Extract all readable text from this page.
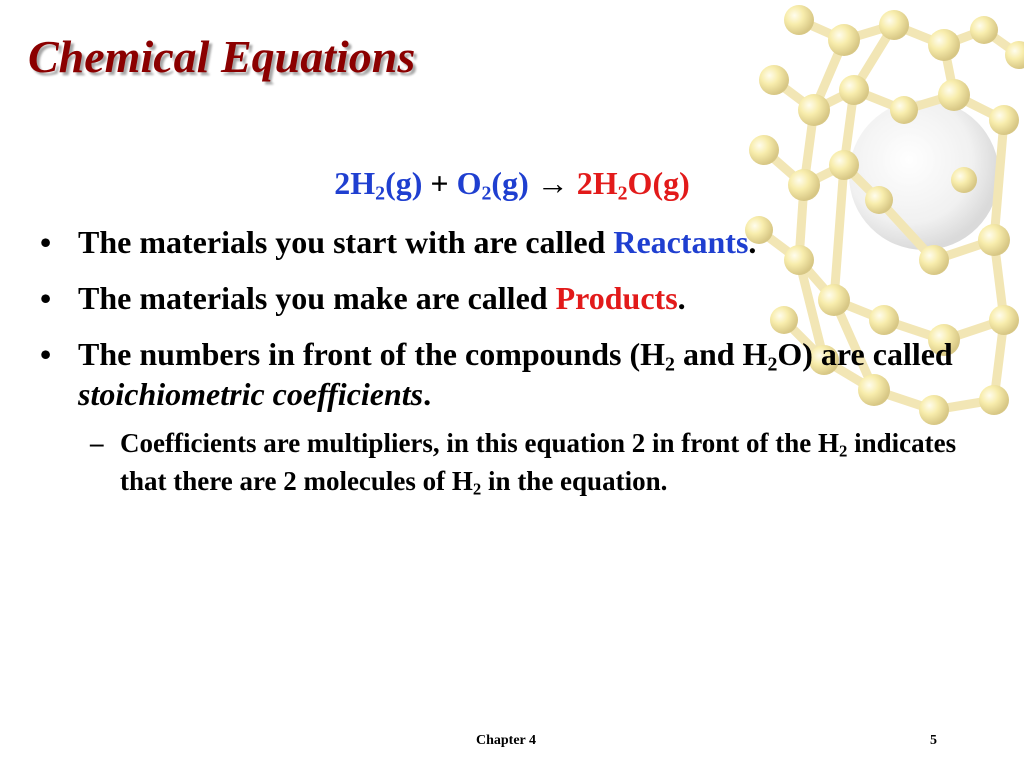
Chemical Equations
$2H_2(g) + O_2(g) \to 2H_2O(g)$
• The materials you start with are called Reactants.
• The materials you make are called Products.
• The numbers in front of the compounds ($H_2$ and $H_2O$) are called stoichiometric coefficients.
– Coefficients are multipliers, in this equation 2 in front of the $H_2$ indicates that there are 2 molecules of $H_2$ in the equation.
Chapter 4	5
